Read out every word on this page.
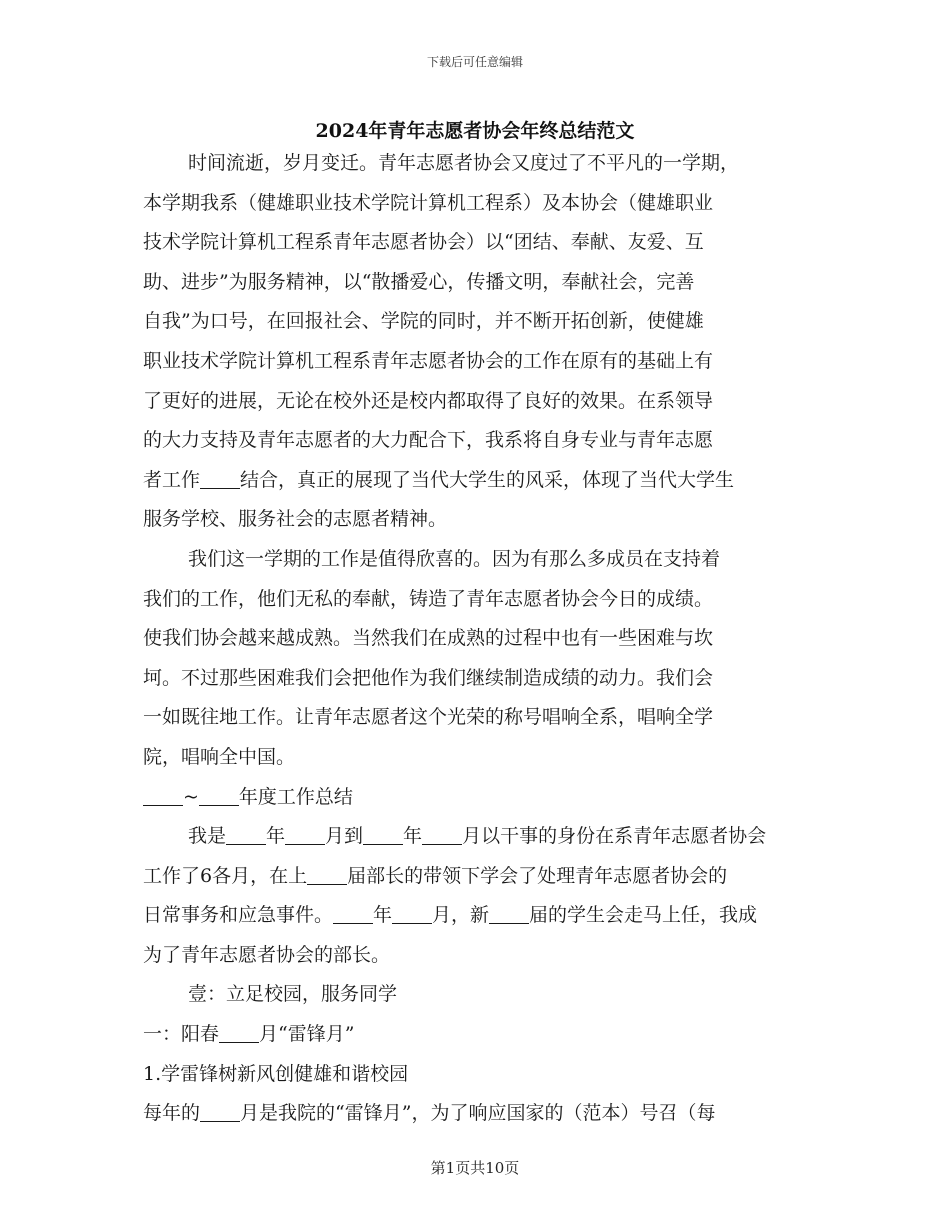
下载后可任意编辑
2024年青年志愿者协会年终总结范文
时间流逝，岁月变迁。青年志愿者协会又度过了不平凡的一学期，
本学期我系（健雄职业技术学院计算机工程系）及本协会（健雄职业
技术学院计算机工程系青年志愿者协会）以“团结、奉献、友爱、互
助、进步”为服务精神，以“散播爱心，传播文明，奉献社会，完善
自我”为口号，在回报社会、学院的同时，并不断开拓创新，使健雄
职业技术学院计算机工程系青年志愿者协会的工作在原有的基础上有
了更好的进展，无论在校外还是校内都取得了良好的效果。在系领导
的大力支持及青年志愿者的大力配合下，我系将自身专业与青年志愿
者工作 结合，真正的展现了当代大学生的风采，体现了当代大学生
服务学校、服务社会的志愿者精神。
我们这一学期的工作是值得欣喜的。因为有那么多成员在支持着
我们的工作，他们无私的奉献，铸造了青年志愿者协会今日的成绩。
使我们协会越来越成熟。当然我们在成熟的过程中也有一些困难与坎
坷。不过那些困难我们会把他作为我们继续制造成绩的动力。我们会
一如既往地工作。让青年志愿者这个光荣的称号唱响全系，唱响全学
院，唱响全中国。
~ 年度工作总结
我是 年 月到 年 月以干事的身份在系青年志愿者协会
工作了6各月，在上 届部长的带领下学会了处理青年志愿者协会的
日常事务和应急事件。 年 月，新 届的学生会走马上任，我成
为了青年志愿者协会的部长。
壹：立足校园，服务同学
一：阳春 月“雷锋月”
1.学雷锋树新风创健雄和谐校园
每年的 月是我院的“雷锋月”，为了响应国家的（范本）号召（每
第1页共10页
